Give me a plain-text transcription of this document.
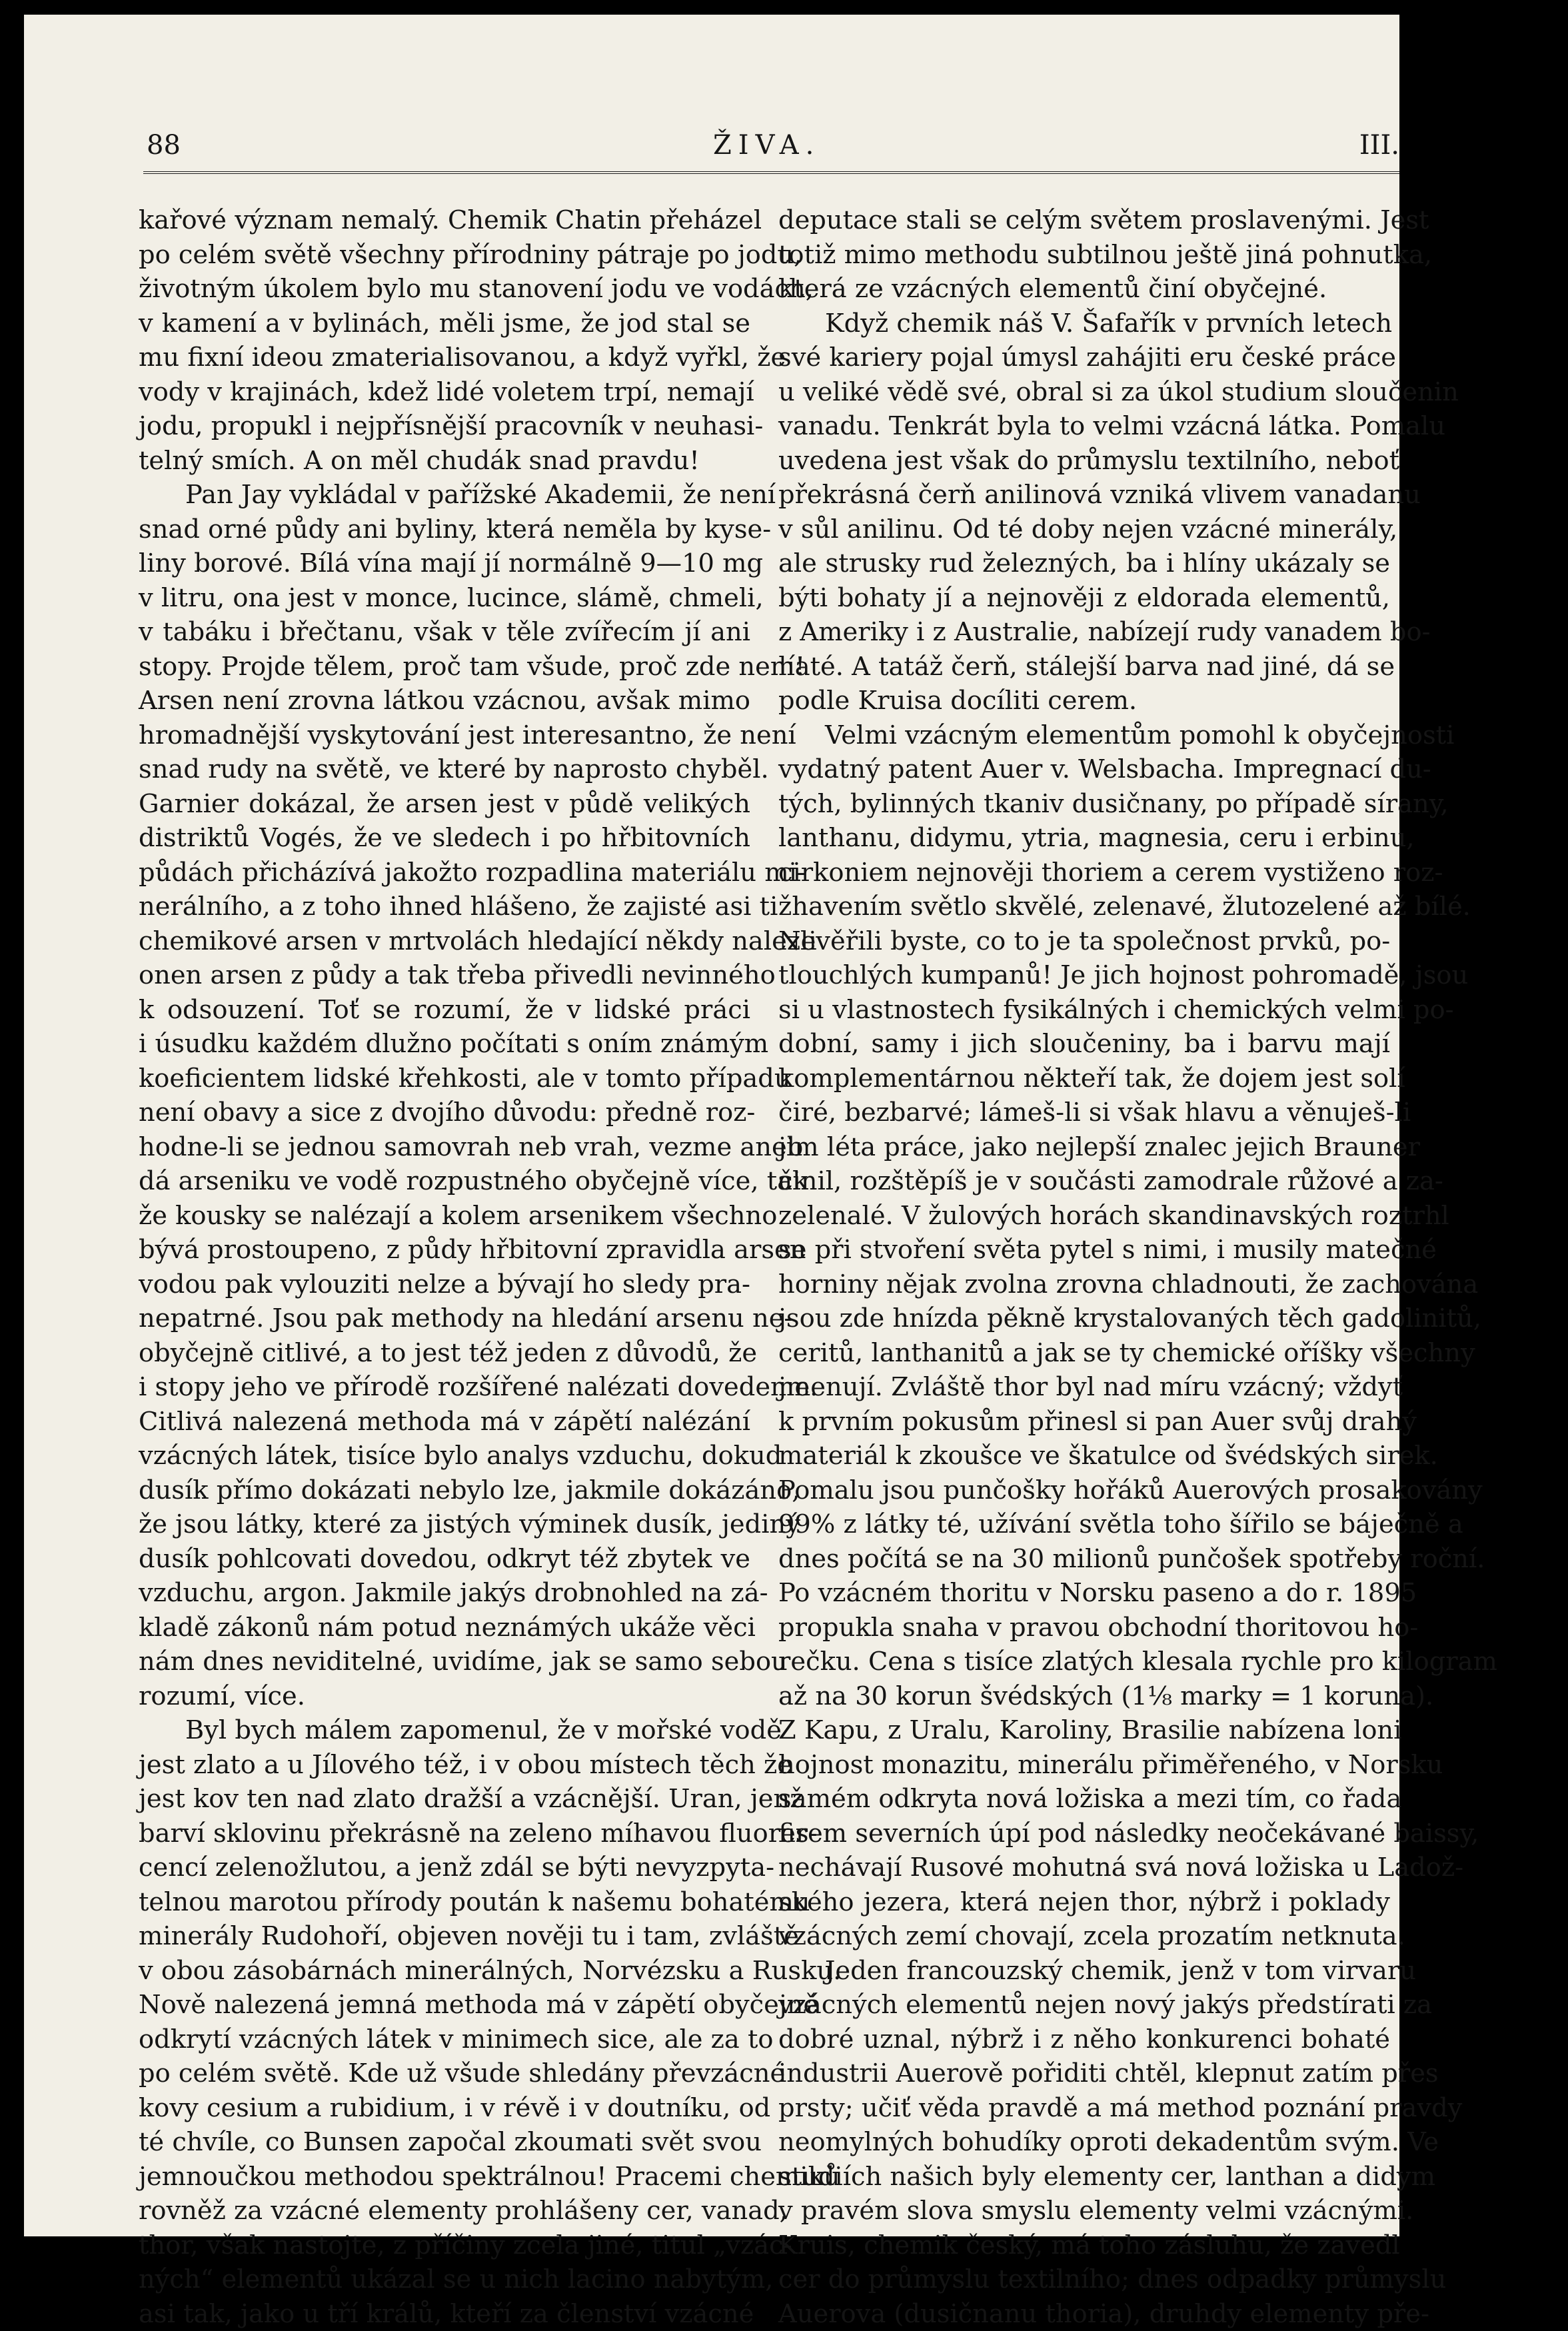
88	ŽIVA.	III.
kařové význam nemalý. Chemik Chatin přeházel
po celém světě všechny přírodniny pátraje po jodu,
životným úkolem bylo mu stanovení jodu ve vodách,
v kamení a v bylinách, měli jsme, že jod stal se
mu fixní ideou zmaterialisovanou, a když vyřkl, že
vody v krajinách, kdež lidé voletem trpí, nemají
jodu, propukl i nejpřísnější pracovník v neuhasi-
telný smích. A on měl chudák snad pravdu!
Pan Jay vykládal v pařížské Akademii, že není
snad orné půdy ani byliny, která neměla by kyse-
liny borové. Bílá vína mají jí normálně 9—10 mg
v litru, ona jest v monce, lucince, slámě, chmeli,
v tabáku i břečtanu, však v těle zvířecím jí ani
stopy. Projde tělem, proč tam všude, proč zde není!
Arsen není zrovna látkou vzácnou, avšak mimo
hromadnější vyskytování jest interesantno, že není
snad rudy na světě, ve které by naprosto chyběl.
Garnier dokázal, že arsen jest v půdě velikých
distriktů Vogés, že ve sledech i po hřbitovních
půdách přicházívá jakožto rozpadlina materiálu mi-
nerálního, a z toho ihned hlášeno, že zajisté asi ti
chemikové arsen v mrtvolách hledající někdy nalezli
onen arsen z půdy a tak třeba přivedli nevinného
k odsouzení. Toť se rozumí, že v lidské práci
i úsudku každém dlužno počítati s oním známým
koeficientem lidské křehkosti, ale v tomto případu
není obavy a sice z dvojího důvodu: předně roz-
hodne-li se jednou samovrah neb vrah, vezme aneb
dá arseniku ve vodě rozpustného obyčejně více, tak
že kousky se nalézají a kolem arsenikem všechno
bývá prostoupeno, z půdy hřbitovní zpravidla arsen
vodou pak vylouziti nelze a bývají ho sledy pra-
nepatrné. Jsou pak methody na hledání arsenu ne-
obyčejně citlivé, a to jest též jeden z důvodů, že
i stopy jeho ve přírodě rozšířené nalézati dovedeme.
Citlivá nalezená methoda má v zápětí nalézání
vzácných látek, tisíce bylo analys vzduchu, dokud
dusík přímo dokázati nebylo lze, jakmile dokázáno,
že jsou látky, které za jistých výminek dusík, jediný
dusík pohlcovati dovedou, odkryt též zbytek ve
vzduchu, argon. Jakmile jakýs drobnohled na zá-
kladě zákonů nám potud neznámých ukáže věci
nám dnes neviditelné, uvidíme, jak se samo sebou
rozumí, více.
Byl bych málem zapomenul, že v mořské vodě
jest zlato a u Jílového též, i v obou místech těch že
jest kov ten nad zlato dražší a vzácnější. Uran, jenž
barví sklovinu překrásně na zeleno míhavou fluores-
cencí zelenožlutou, a jenž zdál se býti nevyzpyta-
telnou marotou přírody poután k našemu bohatému
minerály Rudohoří, objeven nověji tu i tam, zvláště
v obou zásobárnách minerálných, Norvézsku a Rusku.
Nově nalezená jemná methoda má v zápětí obyčejně
odkrytí vzácných látek v minimech sice, ale za to
po celém světě. Kde už všude shledány převzácné
kovy cesium a rubidium, i v révě i v doutníku, od
té chvíle, co Bunsen započal zkoumati svět svou
jemnoučkou methodou spektrálnou! Pracemi chemiků
rovněž za vzácné elementy prohlášeny cer, vanad,
thor, však nastojte, z příčiny zcela jiné, titul „vzác-
ných“ elementů ukázal se u nich lacino nabytým,
asi tak, jako u tří králů, kteří za členství vzácné
deputace stali se celým světem proslavenými. Jest
totiž mimo methodu subtilnou ještě jiná pohnutka,
která ze vzácných elementů činí obyčejné.
Když chemik náš V. Šafařík v prvních letech
své kariery pojal úmysl zahájiti eru české práce
u veliké vědě své, obral si za úkol studium sloučenin
vanadu. Tenkrát byla to velmi vzácná látka. Pomalu
uvedena jest však do průmyslu textilního, neboť
překrásná čerň anilinová vzniká vlivem vanadanu
v sůl anilinu. Od té doby nejen vzácné minerály,
ale strusky rud železných, ba i hlíny ukázaly se
býti bohaty jí a nejnověji z eldorada elementů,
z Ameriky i z Australie, nabízejí rudy vanadem bo-
haté. A tatáž čerň, stálejší barva nad jiné, dá se
podle Kruisa docíliti cerem.
Velmi vzácným elementům pomohl k obyčejnosti
vydatný patent Auer v. Welsbacha. Impregnací du-
tých, bylinných tkaniv dusičnany, po případě sírany,
lanthanu, didymu, ytria, magnesia, ceru i erbinu,
cirkoniem nejnověji thoriem a cerem vystiženo roz-
žhavením světlo skvělé, zelenavé, žlutozelené až bílé.
Nevěřili byste, co to je ta společnost prvků, po-
tlouchlých kumpanů! Je jich hojnost pohromadě, jsou
si u vlastnostech fysikálných i chemických velmi po-
dobní, samy i jich sloučeniny, ba i barvu mají
komplementárnou někteří tak, že dojem jest solí
čiré, bezbarvé; lámeš-li si však hlavu a věnuješ-li
jim léta práce, jako nejlepší znalec jejich Brauner
činil, rozštěpíš je v součásti zamodrale růžové a za-
zelenalé. V žulových horách skandinavských roztrhl
se při stvoření světa pytel s nimi, i musily matečné
horniny nějak zvolna zrovna chladnouti, že zachována
jsou zde hnízda pěkně krystalovaných těch gadolinitů,
ceritů, lanthanitů a jak se ty chemické oříšky všechny
jmenují. Zvláště thor byl nad míru vzácný; vždyť
k prvním pokusům přinesl si pan Auer svůj drahý
materiál k zkoušce ve škatulce od švédských sirek.
Pomalu jsou punčošky hořáků Auerových prosakovány
99% z látky té, užívání světla toho šířilo se báječně a
dnes počítá se na 30 milionů punčošek spotřeby roční.
Po vzácném thoritu v Norsku paseno a do r. 1895
propukla snaha v pravou obchodní thoritovou ho-
rečku. Cena s tisíce zlatých klesala rychle pro kilogram
až na 30 korun švédských (1⅛ marky = 1 koruna).
Z Kapu, z Uralu, Karoliny, Brasilie nabízena loni
hojnost monazitu, minerálu přiměřeného, v Norsku
samém odkryta nová ložiska a mezi tím, co řada
firem severních úpí pod následky neočekávané baissy,
nechávají Rusové mohutná svá nová ložiska u Ladož-
ského jezera, která nejen thor, nýbrž i poklady
vzácných zemí chovají, zcela prozatím netknuta.
Jeden francouzský chemik, jenž v tom virvaru
vzácných elementů nejen nový jakýs předstírati za
dobré uznal, nýbrž i z něho konkurenci bohaté
industrii Auerově pořiditi chtěl, klepnut zatím přes
prsty; učiť věda pravdě a má method poznání pravdy
neomylných bohudíky oproti dekadentům svým. Ve
studiích našich byly elementy cer, lanthan a didym
v pravém slova smyslu elementy velmi vzácnými.
Kruis, chemik český, má toho zásluhu, že zavedl
cer do průmyslu textilního; dnes odpadky průmyslu
Auerova (dusičnanu thoria), druhdy elementy pře-
